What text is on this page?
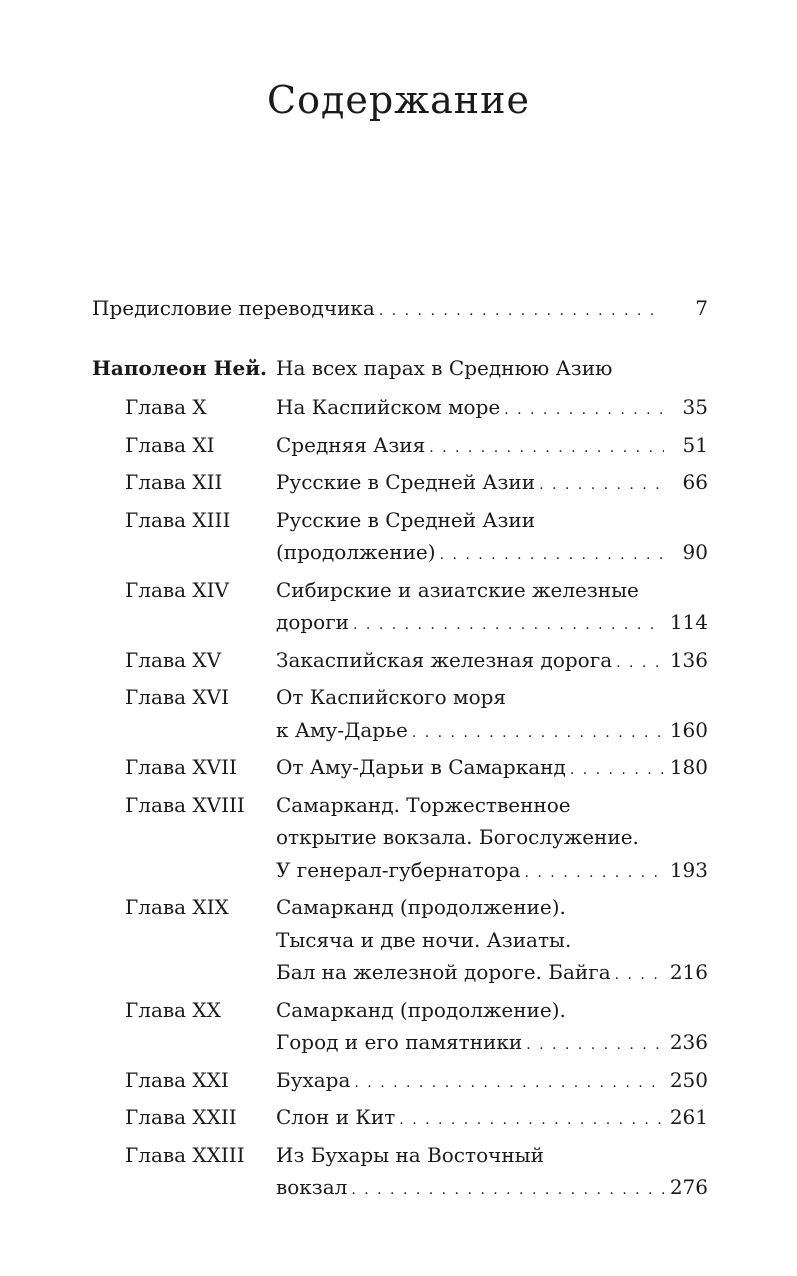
Содержание
Предисловие переводчика . . .	7
Наполеон Ней. На всех парах в Среднюю Азию
Глава X	На Каспийском море . . .	35
Глава XI	Средняя Азия . . .	51
Глава XII	Русские в Средней Азии . . .	66
Глава XIII Русские в Средней Азии
(продолжение) . . .	90
Глава XIV Сибирские и азиатские железные
дороги . . .	114
Глава XV	Закаспийская железная дорога . . .	136
Глава XVI От Каспийского моря
к Аму-Дарье . . .	160
Глава XVII От Аму-Дарьи в Самарканд . . .	180
Глава XVIII Самарканд. Торжественное
открытие вокзала. Богослужение.
У генерал-губернатора . . .	193
Глава XIX Самарканд (продолжение).
Тысяча и две ночи. Азиаты.
Бал на железной дороге. Байга . . .	216
Глава XX	Самарканд (продолжение).
Город и его памятники . . .	236
Глава XXI Бухара . . .	250
Глава XXII Слон и Кит . . .	261
Глава XXIII Из Бухары на Восточный
вокзал . . .	276
